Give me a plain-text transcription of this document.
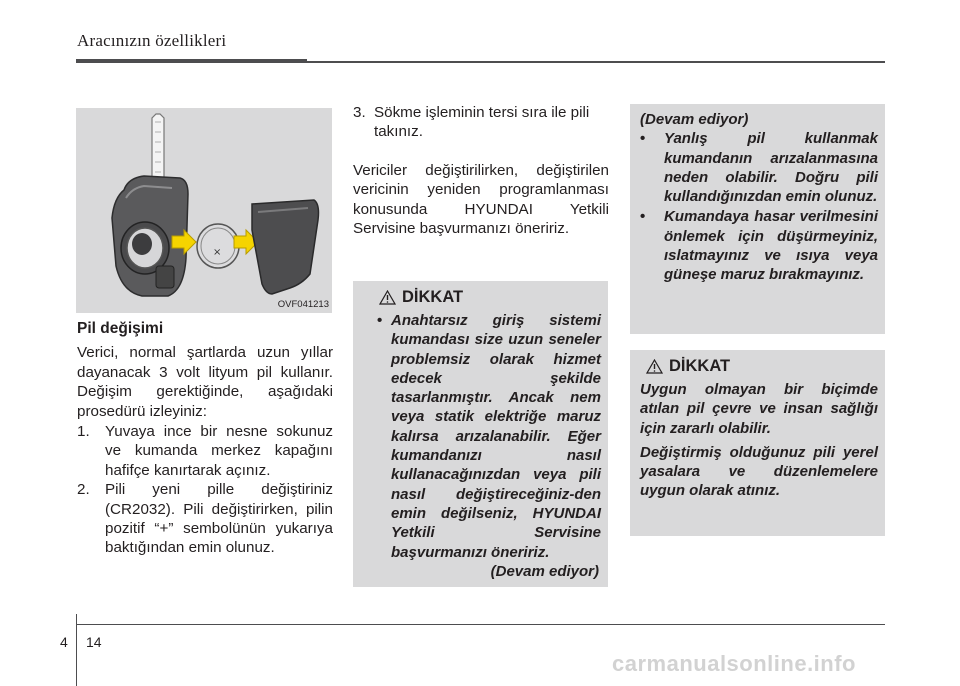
Aracınızın özellikleri
×
OVF041213
Pil değişimi

Verici, normal şartlarda uzun yıllar dayanacak 3 volt lityum pil kullanır. Değişim gerektiğinde, aşağıdaki prosedürü izleyiniz:

1. Yuvaya ince bir nesne sokunuz ve kumanda merkez kapağını hafifçe kanırtarak açınız.
2. Pili yeni pille değiştiriniz (CR2032). Pili değiştirirken, pilin pozitif “+” sembolünün yukarıya baktığından emin olunuz.
3. Sökme işleminin tersi sıra ile pili takınız.

Vericiler değiştirilirken, değiştirilen vericinin yeniden programlanması konusunda HYUNDAI Yetkili Servisine başvurmanızı öneririz.

DİKKAT
• Anahtarsız giriş sistemi kumandası size uzun seneler problemsiz olarak hizmet edecek şekilde tasarlanmıştır. Ancak nem veya statik elektriğe maruz kalırsa arızalanabilir. Eğer kumandanızı nasıl kullanacağınızdan veya pili nasıl değiştireceğiniz-den emin değilseniz, HYUNDAI Yetkili Servisine başvurmanızı öneririz.
(Devam ediyor)
(Devam ediyor)
• Yanlış pil kullanmak kumandanın arızalanmasına neden olabilir. Doğru pili kullandığınızdan emin olunuz.
• Kumandaya hasar verilmesini önlemek için düşürmeyiniz, ıslatmayınız ve ısıya veya güneşe maruz bırakmayınız.
DİKKAT
Uygun olmayan bir biçimde atılan pil çevre ve insan sağlığı için zararlı olabilir.
Değiştirmiş olduğunuz pili yerel yasalara ve düzenlemelere uygun olarak atınız.
4 14
carmanualsonline.info
